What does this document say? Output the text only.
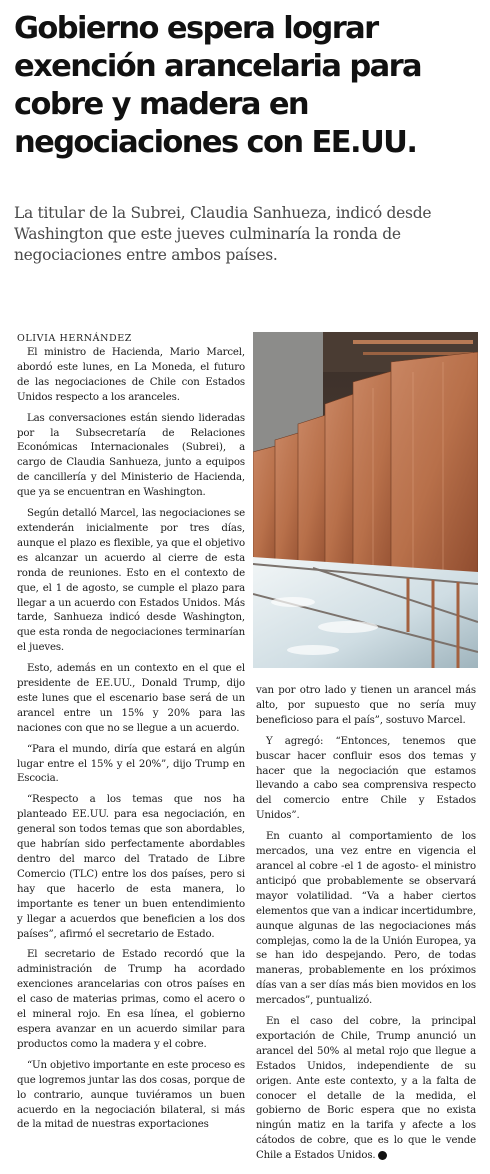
Gobierno espera lograr exención arancelaria para cobre y madera en negociaciones con EE.UU.

La titular de la Subrei, Claudia Sanhueza, indicó desde Washington que este jueves culminaría la ronda de negociaciones entre ambos países.

OLIVIA HERNÁNDEZ

El ministro de Hacienda, Mario Marcel, abordó este lunes, en La Moneda, el futuro de las negociaciones de Chile con Estados Unidos respecto a los aranceles.

Las conversaciones están siendo lideradas por la Subsecretaría de Relaciones Económicas Internacionales (Subrei), a cargo de Claudia Sanhueza, junto a equipos de cancillería y del Ministerio de Hacienda, que ya se encuentran en Washington.

Según detalló Marcel, las negociaciones se extenderán inicialmente por tres días, aunque el plazo es flexible, ya que el objetivo es alcanzar un acuerdo al cierre de esta ronda de reuniones. Esto en el contexto de que, el 1 de agosto, se cumple el plazo para llegar a un acuerdo con Estados Unidos. Más tarde, Sanhueza indicó desde Washington, que esta ronda de negociaciones terminarían el jueves.

Esto, además en un contexto en el que el presidente de EE.UU., Donald Trump, dijo este lunes que el escenario base será de un arancel entre un 15% y 20% para las naciones con que no se llegue a un acuerdo.

“Para el mundo, diría que estará en algún lugar entre el 15% y el 20%”, dijo Trump en Escocia.

“Respecto a los temas que nos ha planteado EE.UU. para esa negociación, en general son todos temas que son abordables, que habrían sido perfectamente abordables dentro del marco del Tratado de Libre Comercio (TLC) entre los dos países, pero si hay que hacerlo de esta manera, lo importante es tener un buen entendimiento y llegar a acuerdos que beneficien a los dos países”, afirmó el secretario de Estado.

El secretario de Estado recordó que la administración de Trump ha acordado exenciones arancelarias con otros países en el caso de materias primas, como el acero o el mineral rojo. En esa línea, el gobierno espera avanzar en un acuerdo similar para productos como la madera y el cobre.

“Un objetivo importante en este proceso es que logremos juntar las dos cosas, porque de lo contrario, aunque tuviéramos un buen acuerdo en la negociación bilateral, si más de la mitad de nuestras exportaciones

van por otro lado y tienen un arancel más alto, por supuesto que no sería muy beneficioso para el país”, sostuvo Marcel.

Y agregó: “Entonces, tenemos que buscar hacer confluir esos dos temas y hacer que la negociación que estamos llevando a cabo sea comprensiva respecto del comercio entre Chile y Estados Unidos”.

En cuanto al comportamiento de los mercados, una vez entre en vigencia el arancel al cobre -el 1 de agosto- el ministro anticipó que probablemente se observará mayor volatilidad. “Va a haber ciertos elementos que van a indicar incertidumbre, aunque algunas de las negociaciones más complejas, como la de la Unión Europea, ya se han ido despejando. Pero, de todas maneras, probablemente en los próximos días van a ser días más bien movidos en los mercados”, puntualizó.

En el caso del cobre, la principal exportación de Chile, Trump anunció un arancel del 50% al metal rojo que llegue a Estados Unidos, independiente de su origen. Ante este contexto, y a la falta de conocer el detalle de la medida, el gobierno de Boric espera que no exista ningún matiz en la tarifa y afecte a los cátodos de cobre, que es lo que le vende Chile a Estados Unidos. P
